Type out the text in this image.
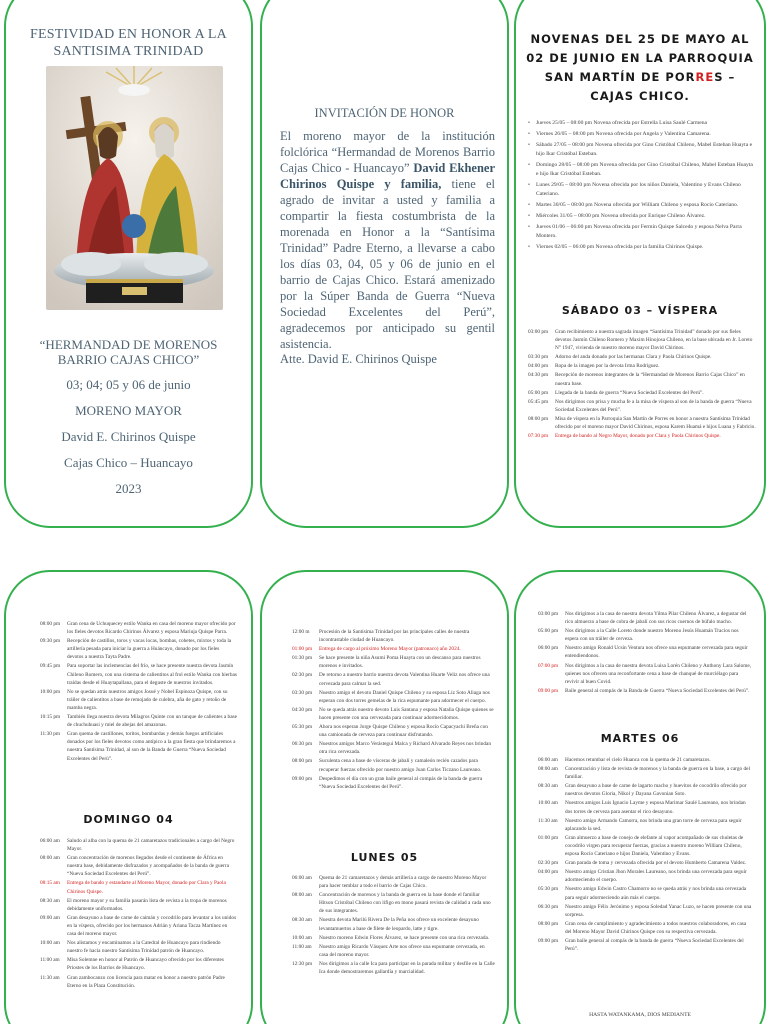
FESTIVIDAD EN HONOR A LA SANTISIMA TRINIDAD
“HERMANDAD DE MORENOS BARRIO CAJAS CHICO”
03; 04; 05 y 06 de junio
MORENO MAYOR
David E. Chirinos Quispe
Cajas Chico – Huancayo
2023
INVITACIÓN DE HONOR
El moreno mayor de la institución folclórica “Hermandad de Morenos Barrio Cajas Chico - Huancayo” David Ekhener Chirinos Quispe y familia, tiene el agrado de invitar a usted y familia a compartir la fiesta costumbrista de la morenada en Honor a la “Santísima Trinidad” Padre Eterno, a llevarse a cabo los días 03, 04, 05 y 06 de junio en el barrio de Cajas Chico. Estará amenizado por la Súper Banda de Guerra “Nueva Sociedad Excelentes del Perú”, agradecemos por anticipado su gentil asistencia.
Atte. David E. Chirinos Quispe
NOVENAS DEL 25 DE MAYO AL 02 DE JUNIO EN LA PARROQUIA SAN MARTÍN DE PORRES – CAJAS CHICO.
• Jueves 25/05 – 08:00 pm Novena ofrecida por Estrella Luisa Saulé Carmena
• Viernes 26/05 – 08:00 pm Novena ofrecida por Angela y Valentina Camarena.
• Sábado 27/05 – 08:00 pm Novena ofrecida por Gino Cristóbal Chileno, Mabel Esteban Huayta e hijo Ikar Cristóbal Esteban.
• Domingo 28/05 – 08:00 pm Novena ofrecida por Gino Cristóbal Chileno, Mabel Esteban Huayta e hijo Ikar Cristóbal Esteban.
• Lunes 29/05 – 08:00 pm Novena ofrecida por los niños Daniela, Valentino y Evans Chileno Cateriano.
• Martes 30/05 – 08:00 pm Novena ofrecida por William Chileno y esposa Rocío Cateriano.
• Miércoles 31/05 – 08:00 pm Novena ofrecida por Enrique Chileno Álvarez.
• Jueves 01/06 – 06:00 pm Novena ofrecida por Fermín Quispe Salcedo y esposa Nelva Parra Montero.
• Viernes 02/05 – 06:00 pm Novena ofrecida por la familia Chirinos Quispe.
SÁBADO 03 – VÍSPERA
03:00 pm	Gran recibimiento a nuestra sagrada imagen “Santísima Trinidad” donado por sus fieles devotos Jasmín Chileno Romero y Maxim Hinojosa Chileno, en la base ubicada en Jr. Loreto N° 1947, vivienda de nuestro moreno mayor David Chirinos.
03:30 pm	Adorno del anda donado por las hermanas Clara y Paola Chirinos Quispe.
04:00 pm	Ropa de la imagen por la devota Irma Rodríguez.
04:30 pm	Recepción de morenos integrantes de la “Hermandad de Morenos Barrio Cajas Chico” en nuestra base.
05:00 pm	Llegada de la banda de guerra “Nueva Sociedad Excelentes del Perú”.
05:45 pm	Nos dirigimos con prisa y mucha fe a la misa de víspera al son de la banda de guerra “Nueva Sociedad Excelentes del Perú”.
08:00 pm	Misa de víspera en la Parroquia San Martín de Porres en honor a nuestra Santísima Trinidad ofrecido por el moreno mayor David Chirinos, esposa Karem Huamá e hijos Luana y Fabricio.
07:30 pm	Entrega de bando al Negro Mayor, donado por Clara y Paola Chirinos Quispe.
08:00 pm	Gran cena de Uchuquecey estilo Wanka en casa del moreno mayor ofrecido por los fieles devotos Ricardo Chirinos Álvarez y esposa Mariuja Quispe Parra.
09:30 pm	Recepción de castillos, toros y vacas locas, bombas, cohetes, mixtos y toda la artillería pesada para iniciar la guerra a Huáncayo, donado por los fieles devotos a nuestra Tayta Padre.
09:45 pm	Para soportar las inclemencias del frío, se hace presente nuestra devota Jasmín Chileno Romero, con una cisterna de calientitos al frol estilo Wanka con hierbas traídas desde el Huaytapallana, para el deguste de nuestros invitados.
10:00 pm	No se quedan atrás nuestros amigos Josué y Nobel Espinoza Quispe, con su tráiler de calientitos a base de remojado de culebra, aña de gato y retoño de mamba negra.
10:15 pm	También llega nuestra devota Milagros Quinte con un tanque de calientes a base de chuchuhuasi y miel de abejas del amazonas.
11:30 pm	Gran quema de castillones, toritos, bombardas y demás fuegos artificiales donados por los fieles devotos como antípico a la gran fiesta que brindaremos a nuestra Santísima Trinidad, al son de la Banda de Guerra “Nueva Sociedad Excelentes del Perú”.
DOMINGO 04
06:00 am	Saludo al alba con la quema de 21 camaretazos tradicionales a cargo del Negro Mayor.
08:00 am	Gran concentración de morenos llegados desde el continente de África en nuestra base, debidamente disfrazados y acompañados de la banda de guerra “Nueva Sociedad Excelentes del Perú”.
08:15 am	Entrega de bando y estandarte al Moreno Mayor, donado por Clara y Paola Chirinos Quispe.
08:30 am	El moreno mayor y su familia pasarán lista de revista a la tropa de morenos debidamente uniformados.
09:00 am	Gran desayuno a base de carne de caimán y cocodrilo para levantar a los unidos en la víspera, ofrecido por los hermanos Adrián y Ariana Tacza Martínez en casa del moreno mayor.
10:00 am	Nos alistamos y encaminamos a la Catedral de Huancayo para rindiendo nuestro fe hacia nuestro Santísima Trinidad patrón de Huancayo.
11:00 am	Misa Solemne en honor al Patrón de Huancayo ofrecido por los diferentes Priostes de los Barrios de Huancayo.
11:30 am	Gran zambocanzo con licencia para matar en honor a nuestro patrón Padre Eterno en la Plaza Constitución.
12:00 m	Procesión de la Santísima Trinidad por las principales calles de nuestra incontrastable ciudad de Huancayo.
01:00 pm	Entrega de cargo al próximo Moreno Mayor (patronaco) año 2024.
01:30 pm	Se hace presente la niña Asumi Poma Huayta con un descanso para nuestros morenos e invitados.
02:30 pm	De retorno a nuestro barrio nuestra devota Valentina Huarte Veliz nos ofrece una cervezada para calmar la sed.
03:30 pm	Nuestro amigo el devoto Daniel Quispe Chileno y su esposa Liz Soto Aliaga nos esperan con dos torres gemelas de la rica espumante para adormecer el cuerpo.
04:30 pm	No se queda atrás nuestro devoto Luis Santana y esposa Natalia Quispe quienes se hacen presente con una cervezada para continuar adormecidomos.
05:30 pm	Ahora nos esperan Jorge Quispe Chileno y esposa Rocío Capacyachi Breña con una camionada de cerveza para continuar disfrutando.
06:30 pm	Nuestros amigos Marco Verástegui Malca y Richard Alvarado Reyes nos brindan otra rica cervezada.
08:00 pm	Suculenta cena a base de vísceras de jabalí y camaleón recién cazados para recuperar fuerzas ofrecido por nuestro amigo Juan Carlos Ticzano Laureano.
09:00 pm	Despedimos el día con un gran baile general al compás de la banda de guerra “Nueva Sociedad Excelentes del Perú”.
LUNES 05
06:00 am	Quema de 21 camaretazos y demás artillería a cargo de nuestro Moreno Mayor para hacer temblar a todo el barrio de Cajas Chico.
08:00 am	Concentración de morenos y la banda de guerra en la base donde el familiar Hitson Cristóbal Chileno con lifigo en mono pasará revista de calidad a cada uno de sus integrantes.
08:30 am	Nuestra devota Marilú Rivera De la Peña nos ofrece un excelente desayuno levantamuertos a base de filete de leopardo, latte y tigre.
10:00 am	Nuestro moreno Edwin Flores Álvarez, se hace presente con una rica cervezada.
11:00 am	Nuestro amigo Ricardo Vásquez Arte nos ofrece una espumante cervezada, en casa del moreno mayor.
12:30 pm	Nos dirigimos a la calle Ica para participar en la parada militar y desfile en la Calle Ica donde demostraremos gallardía y marcialidad.
03:00 pm	Nos dirigimos a la casa de nuestra devota Yilma Pilar Chileno Álvarez, a degustar del rico almuerzo a base de cobra de jabalí con sus ricos cuernos de búfalo macho.
05:00 pm	Nos dirigimos a la Calle Loreto donde nuestro Moreno Jesús Huamán Tracios nos espera con un tráiler de cerveza.
06:00 pm	Nuestro amigo Ronald Ucsin Ventura nos ofrece una espumante cervezada para seguir entendiendonos.
07:00 pm	Nos dirigimos a la casa de nuestra devota Luisa Lorén Chileno y Anthony Lara Salome, quienes nos ofrecen una reconfortante cena a base de chanqué de murciélago para revivir al buen Covid.
09:00 pm	Baile general al compás de la Banda de Guerra “Nueva Sociedad Excelentes del Perú”.
MARTES 06
06:00 am	Hacemos retumbar el cielo Huanca con la quema de 21 camaretazos.
08:00 am	Concentración y lista de revista de morenos y la banda de guerra en la base, a cargo del familiar.
08:30 am	Gran desayuno a base de carne de lagarto macho y huevitos de cocodrilo ofrecido por nuestros devotos Gloria, Nikol y Dayana Gavonian Soto.
10:00 am	Nuestros amigos Luis Ignacio Layme y esposa Marimar Saulé Laureano, nos brindan dos torres de cerveza para asentar el rico desayuno.
11:30 am	Nuestro amigo Armando Camorra, nos brinda una gran torre de cerveza para seguir aplacando la sed.
01:00 pm	Gran almuerzo a base de conejo de elefante al vapor acompañado de sus chuletas de cocodrilo virgen para recuperar fuerzas, gracias a nuestro moreno William Chileno, esposa Rocío Cateriano e hijos Daniela, Valentino y Evans.
02:30 pm	Gran parada de toma y cervezada ofrecida por el devoto Humberto Camarena Valdez.
04:00 pm	Nuestro amigo Cristian Jhon Morales Laureano, nos brinda una cervezada para seguir adormeciendo el cuerpo.
05:30 pm	Nuestro amigo Edwin Castro Chamorro no se queda atrás y nos brinda una cervezada para seguir adormeciendo aún más el cuerpo.
06:30 pm	Nuestro amigo Félix Jerónimo y esposa Soledad Yanac Luzo, se hacen presente con una sorpresa.
08:00 pm	Gran cena de cumplimiento y agradecimiento a todos nuestros colaboradores, en casa del Moreno Mayor David Chirinos Quispe con su respectiva cervezada.
09:00 pm	Gran baile general al compás de la banda de guerra “Nueva Sociedad Excelentes del Perú”.
HASTA WATANKAMA, DIOS MEDIANTE
